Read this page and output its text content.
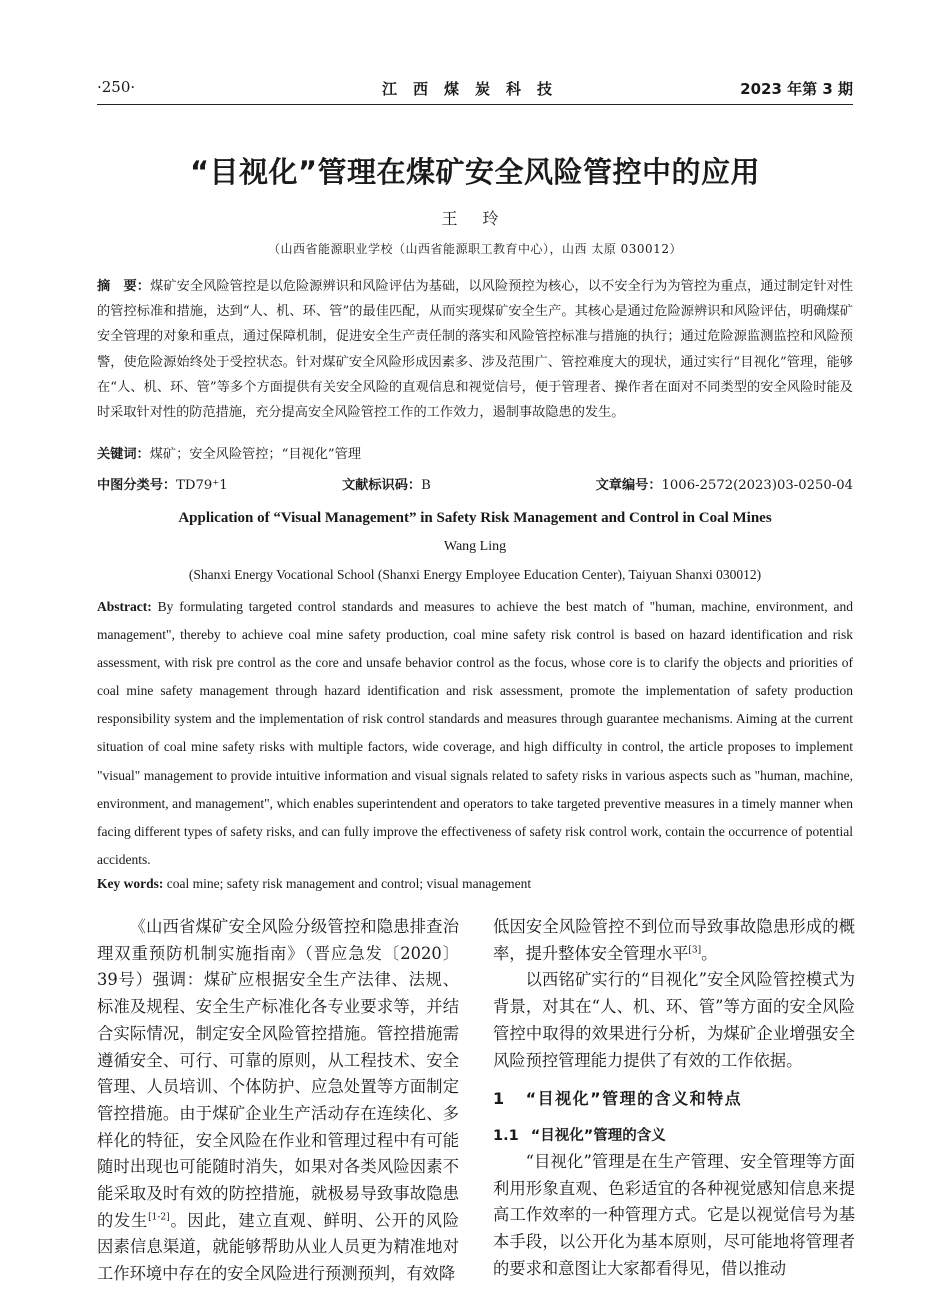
·250·	江西煤炭科技	2023 年第 3 期
“目视化”管理在煤矿安全风险管控中的应用
王 玲
（山西省能源职业学校（山西省能源职工教育中心），山西 太原 030012）
摘　要：煤矿安全风险管控是以危险源辨识和风险评估为基础，以风险预控为核心，以不安全行为为管控为重点，通过制定针对性的管控标准和措施，达到“人、机、环、管”的最佳匹配，从而实现煤矿安全生产。其核心是通过危险源辨识和风险评估，明确煤矿安全管理的对象和重点，通过保障机制，促进安全生产责任制的落实和风险管控标准与措施的执行；通过危险源监测监控和风险预警，使危险源始终处于受控状态。针对煤矿安全风险形成因素多、涉及范围广、管控难度大的现状，通过实行“目视化”管理，能够在“人、机、环、管”等多个方面提供有关安全风险的直观信息和视觉信号，便于管理者、操作者在面对不同类型的安全风险时能及时采取针对性的防范措施，充分提高安全风险管控工作的工作效力，遏制事故隐患的发生。
关键词：煤矿；安全风险管控；“目视化”管理
中图分类号：TD79⁺1	文献标识码：B	文章编号：1006-2572(2023)03-0250-04
Application of “Visual Management” in Safety Risk Management and Control in Coal Mines
Wang Ling
(Shanxi Energy Vocational School (Shanxi Energy Employee Education Center), Taiyuan Shanxi 030012)
Abstract: By formulating targeted control standards and measures to achieve the best match of "human, machine, environment, and management", thereby to achieve coal mine safety production, coal mine safety risk control is based on hazard identification and risk assessment, with risk pre control as the core and unsafe behavior control as the focus, whose core is to clarify the objects and priorities of coal mine safety management through hazard identification and risk assessment, promote the implementation of safety production responsibility system and the implementation of risk control standards and measures through guarantee mechanisms. Aiming at the current situation of coal mine safety risks with multiple factors, wide coverage, and high difficulty in control, the article proposes to implement "visual" management to provide intuitive information and visual signals related to safety risks in various aspects such as "human, machine, environment, and management", which enables superintendent and operators to take targeted preventive measures in a timely manner when facing different types of safety risks, and can fully improve the effectiveness of safety risk control work, contain the occurrence of potential accidents.
Key words: coal mine; safety risk management and control; visual management

《山西省煤矿安全风险分级管控和隐患排查治理双重预防机制实施指南》（晋应急发〔2020〕39号）强调：煤矿应根据安全生产法律、法规、标准及规程、安全生产标准化各专业要求等，并结合实际情况，制定安全风险管控措施。管控措施需遵循安全、可行、可靠的原则，从工程技术、安全管理、人员培训、个体防护、应急处置等方面制定管控措施。由于煤矿企业生产活动存在连续化、多样化的特征，安全风险在作业和管理过程中有可能随时出现也可能随时消失，如果对各类风险因素不能采取及时有效的防控措施，就极易导致事故隐患的发生[1-2]。因此，建立直观、鲜明、公开的风险因素信息渠道，就能够帮助从业人员更为精准地对工作环境中存在的安全风险进行预测预判，有效降

低因安全风险管控不到位而导致事故隐患形成的概率，提升整体安全管理水平[3]。

以西铭矿实行的“目视化”安全风险管控模式为背景，对其在“人、机、环、管”等方面的安全风险管控中取得的效果进行分析，为煤矿企业增强安全风险预控管理能力提供了有效的工作依据。

1 “目视化”管理的含义和特点
1.1 “目视化”管理的含义

“目视化”管理是在生产管理、安全管理等方面利用形象直观、色彩适宜的各种视觉感知信息来提高工作效率的一种管理方式。它是以视觉信号为基本手段，以公开化为基本原则，尽可能地将管理者的要求和意图让大家都看得见，借以推动
